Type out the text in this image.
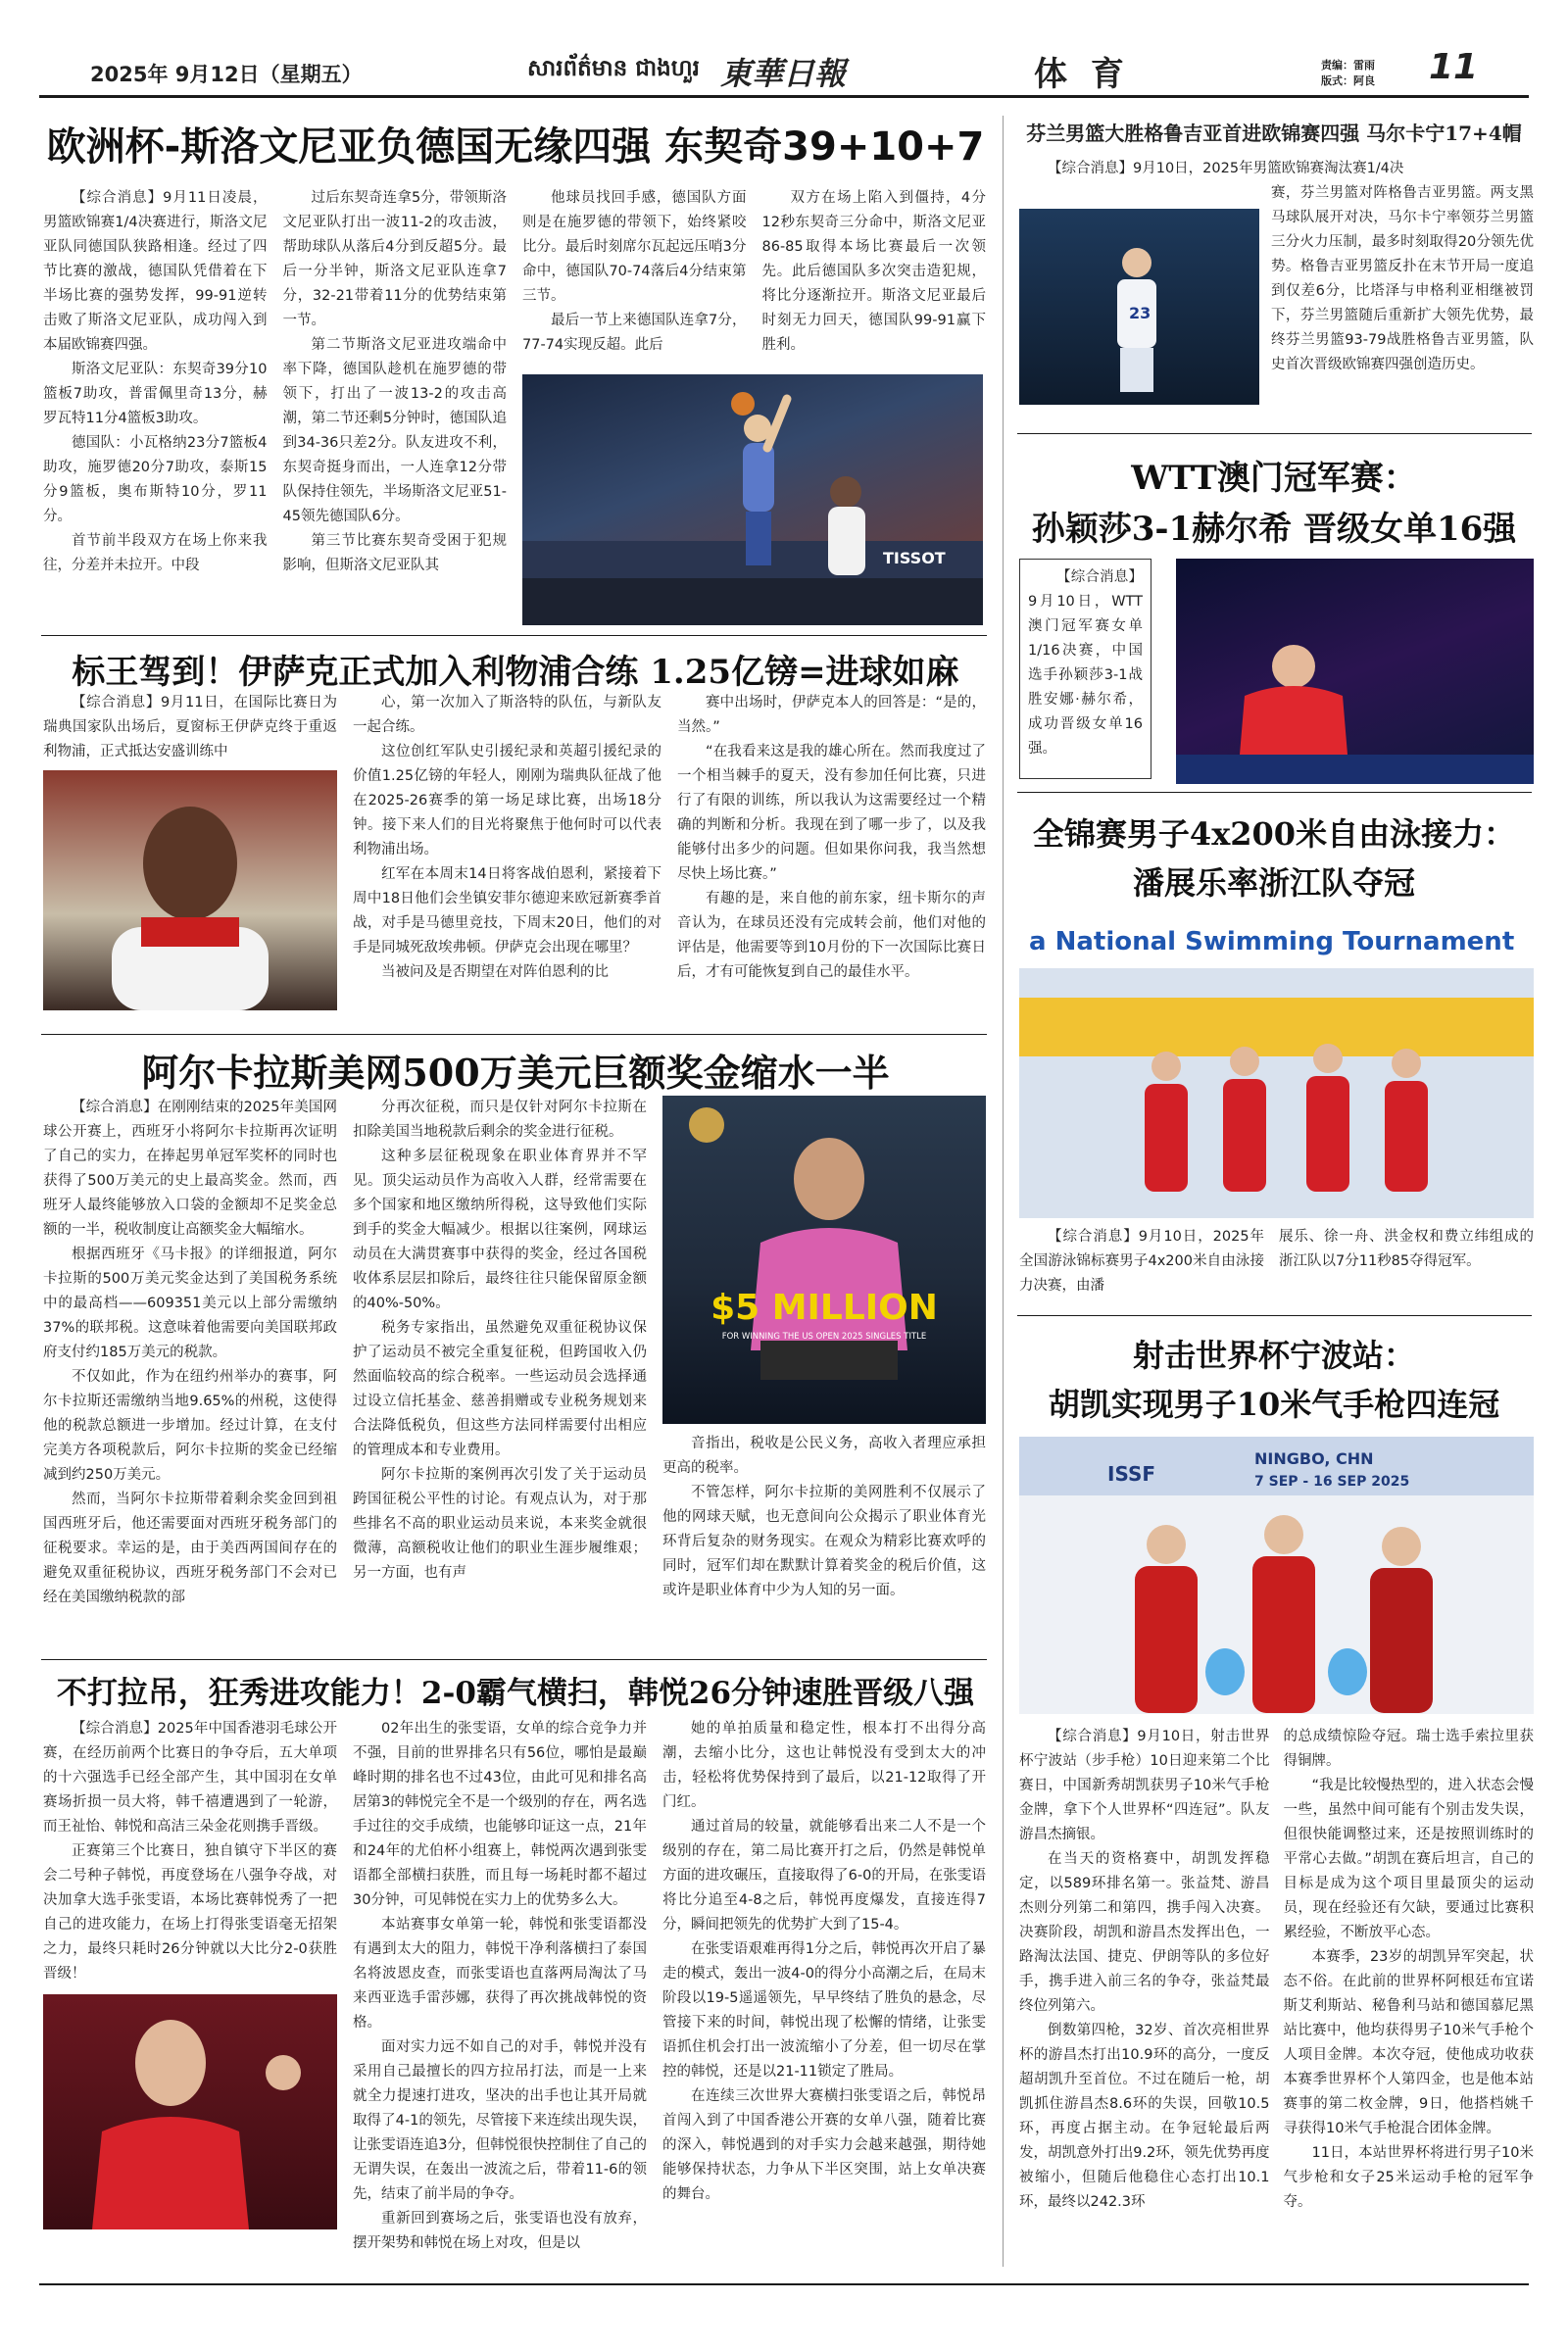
2025年 9月12日（星期五）	សារព័ត៌មាន ជាងហួរ 東華日報	体 育	责编：雷雨
版式：阿良 11
欧洲杯-斯洛文尼亚负德国无缘四强 东契奇39+10+7

【综合消息】9月11日凌晨，男篮欧锦赛1/4决赛进行，斯洛文尼亚队同德国队狭路相逢。经过了四节比赛的激战，德国队凭借着在下半场比赛的强势发挥，99-91逆转击败了斯洛文尼亚队，成功闯入到本届欧锦赛四强。

斯洛文尼亚队：东契奇39分10篮板7助攻，普雷佩里奇13分，赫罗瓦特11分4篮板3助攻。

德国队：小瓦格纳23分7篮板4助攻，施罗德20分7助攻，泰斯15分9篮板，奥布斯特10分，罗11分。

首节前半段双方在场上你来我往，分差并未拉开。中段

过后东契奇连拿5分，带领斯洛文尼亚队打出一波11-2的攻击波，帮助球队从落后4分到反超5分。最后一分半钟，斯洛文尼亚队连拿7分，32-21带着11分的优势结束第一节。

第二节斯洛文尼亚进攻端命中率下降，德国队趁机在施罗德的带领下，打出了一波13-2的攻击高潮，第二节还剩5分钟时，德国队追到34-36只差2分。队友进攻不利，东契奇挺身而出，一人连拿12分带队保持住领先，半场斯洛文尼亚51-45领先德国队6分。

第三节比赛东契奇受困于犯规影响，但斯洛文尼亚队其

他球员找回手感，德国队方面则是在施罗德的带领下，始终紧咬比分。最后时刻席尔瓦起远压哨3分命中，德国队70-74落后4分结束第三节。

最后一节上来德国队连拿7分，77-74实现反超。此后

双方在场上陷入到僵持，4分12秒东契奇三分命中，斯洛文尼亚86-85取得本场比赛最后一次领先。此后德国队多次突击造犯规，将比分逐渐拉开。斯洛文尼亚最后时刻无力回天，德国队99-91赢下胜利。

TISSOT
标王驾到！伊萨克正式加入利物浦合练 1.25亿镑=进球如麻

【综合消息】9月11日，在国际比赛日为瑞典国家队出场后，夏窗标王伊萨克终于重返利物浦，正式抵达安盛训练中

心，第一次加入了斯洛特的队伍，与新队友一起合练。

这位创红军队史引援纪录和英超引援纪录的价值1.25亿镑的年轻人，刚刚为瑞典队征战了他在2025-26赛季的第一场足球比赛，出场18分钟。接下来人们的目光将聚焦于他何时可以代表利物浦出场。

红军在本周末14日将客战伯恩利，紧接着下周中18日他们会坐镇安菲尔德迎来欧冠新赛季首战，对手是马德里竞技，下周末20日，他们的对手是同城死敌埃弗顿。伊萨克会出现在哪里？

当被问及是否期望在对阵伯恩利的比

赛中出场时，伊萨克本人的回答是：“是的，当然。”

“在我看来这是我的雄心所在。然而我度过了一个相当棘手的夏天，没有参加任何比赛，只进行了有限的训练，所以我认为这需要经过一个精确的判断和分析。我现在到了哪一步了，以及我能够付出多少的问题。但如果你问我，我当然想尽快上场比赛。”

有趣的是，来自他的前东家，纽卡斯尔的声音认为，在球员还没有完成转会前，他们对他的评估是，他需要等到10月份的下一次国际比赛日后，才有可能恢复到自己的最佳水平。

阿尔卡拉斯美网500万美元巨额奖金缩水一半

【综合消息】在刚刚结束的2025年美国网球公开赛上，西班牙小将阿尔卡拉斯再次证明了自己的实力，在捧起男单冠军奖杯的同时也获得了500万美元的史上最高奖金。然而，西班牙人最终能够放入口袋的金额却不足奖金总额的一半，税收制度让高额奖金大幅缩水。

根据西班牙《马卡报》的详细报道，阿尔卡拉斯的500万美元奖金达到了美国税务系统中的最高档——609351美元以上部分需缴纳37%的联邦税。这意味着他需要向美国联邦政府支付约185万美元的税款。

不仅如此，作为在纽约州举办的赛事，阿尔卡拉斯还需缴纳当地9.65%的州税，这使得他的税款总额进一步增加。经过计算，在支付完美方各项税款后，阿尔卡拉斯的奖金已经缩减到约250万美元。

然而，当阿尔卡拉斯带着剩余奖金回到祖国西班牙后，他还需要面对西班牙税务部门的征税要求。幸运的是，由于美西两国间存在的避免双重征税协议，西班牙税务部门不会对已经在美国缴纳税款的部

分再次征税，而只是仅针对阿尔卡拉斯在扣除美国当地税款后剩余的奖金进行征税。

这种多层征税现象在职业体育界并不罕见。顶尖运动员作为高收入人群，经常需要在多个国家和地区缴纳所得税，这导致他们实际到手的奖金大幅减少。根据以往案例，网球运动员在大满贯赛事中获得的奖金，经过各国税收体系层层扣除后，最终往往只能保留原金额的40%-50%。

税务专家指出，虽然避免双重征税协议保护了运动员不被完全重复征税，但跨国收入仍然面临较高的综合税率。一些运动员会选择通过设立信托基金、慈善捐赠或专业税务规划来合法降低税负，但这些方法同样需要付出相应的管理成本和专业费用。

阿尔卡拉斯的案例再次引发了关于运动员跨国征税公平性的讨论。有观点认为，对于那些排名不高的职业运动员来说，本来奖金就很微薄，高额税收让他们的职业生涯步履维艰；另一方面，也有声

$5 MILLION
FOR WINNING THE US OPEN 2025 SINGLES TITLE

音指出，税收是公民义务，高收入者理应承担更高的税率。

不管怎样，阿尔卡拉斯的美网胜利不仅展示了他的网球天赋，也无意间向公众揭示了职业体育光环背后复杂的财务现实。在观众为精彩比赛欢呼的同时，冠军们却在默默计算着奖金的税后价值，这或许是职业体育中少为人知的另一面。

不打拉吊，狂秀进攻能力！2-0霸气横扫，韩悦26分钟速胜晋级八强

【综合消息】2025年中国香港羽毛球公开赛，在经历前两个比赛日的争夺后，五大单项的十六强选手已经全部产生，其中国羽在女单赛场折损一员大将，韩千禧遭遇到了一轮游，而王祉怡、韩悦和高洁三朵金花则携手晋级。

正赛第三个比赛日，独自镇守下半区的赛会二号种子韩悦，再度登场在八强争夺战，对决加拿大选手张雯语，本场比赛韩悦秀了一把自己的进攻能力，在场上打得张雯语毫无招架之力，最终只耗时26分钟就以大比分2-0获胜晋级！

02年出生的张雯语，女单的综合竞争力并不强，目前的世界排名只有56位，哪怕是最巅峰时期的排名也不过43位，由此可见和排名高居第3的韩悦完全不是一个级别的存在，两名选手过往的交手成绩，也能够印证这一点，21年和24年的尤伯杯小组赛上，韩悦两次遇到张雯语都全部横扫获胜，而且每一场耗时都不超过30分钟，可见韩悦在实力上的优势多么大。

本站赛事女单第一轮，韩悦和张雯语都没有遇到太大的阻力，韩悦干净利落横扫了泰国名将波恩皮查，而张雯语也直落两局淘汰了马来西亚选手雷莎娜，获得了再次挑战韩悦的资格。

面对实力远不如自己的对手，韩悦并没有采用自己最擅长的四方拉吊打法，而是一上来就全力提速打进攻，坚决的出手也让其开局就取得了4-1的领先，尽管接下来连续出现失误，让张雯语连追3分，但韩悦很快控制住了自己的无谓失误，在轰出一波流之后，带着11-6的领先，结束了前半局的争夺。

重新回到赛场之后，张雯语也没有放弃，摆开架势和韩悦在场上对攻，但是以

她的单拍质量和稳定性，根本打不出得分高潮，去缩小比分，这也让韩悦没有受到太大的冲击，轻松将优势保持到了最后，以21-12取得了开门红。

通过首局的较量，就能够看出来二人不是一个级别的存在，第二局比赛开打之后，仍然是韩悦单方面的进攻碾压，直接取得了6-0的开局，在张雯语将比分追至4-8之后，韩悦再度爆发，直接连得7分，瞬间把领先的优势扩大到了15-4。

在张雯语艰难再得1分之后，韩悦再次开启了暴走的模式，轰出一波4-0的得分小高潮之后，在局末阶段以19-5遥遥领先，早早终结了胜负的悬念，尽管接下来的时间，韩悦出现了松懈的情绪，让张雯语抓住机会打出一波流缩小了分差，但一切尽在掌控的韩悦，还是以21-11锁定了胜局。

在连续三次世界大赛横扫张雯语之后，韩悦昂首闯入到了中国香港公开赛的女单八强，随着比赛的深入，韩悦遇到的对手实力会越来越强，期待她能够保持状态，力争从下半区突围，站上女单决赛的舞台。

芬兰男篮大胜格鲁吉亚首进欧锦赛四强 马尔卡宁17+4帽

【综合消息】9月10日，2025年男篮欧锦赛淘汰赛1/4决

23

赛，芬兰男篮对阵格鲁吉亚男篮。两支黑马球队展开对决，马尔卡宁率领芬兰男篮三分火力压制，最多时刻取得20分领先优势。格鲁吉亚男篮反扑在末节开局一度追到仅差6分，比塔泽与申格利亚相继被罚下，芬兰男篮随后重新扩大领先优势，最终芬兰男篮93-79战胜格鲁吉亚男篮，队史首次晋级欧锦赛四强创造历史。

WTT澳门冠军赛：
孙颖莎3-1赫尔希 晋级女单16强

【综合消息】9月10日，WTT澳门冠军赛女单1/16决赛，中国选手孙颖莎3-1战胜安娜·赫尔希，成功晋级女单16强。

全锦赛男子4x200米自由泳接力：
潘展乐率浙江队夺冠
a National Swimming Tournament

【综合消息】9月10日，2025年全国游泳锦标赛男子4x200米自由泳接力决赛，由潘

展乐、徐一舟、洪金权和费立纬组成的浙江队以7分11秒85夺得冠军。

射击世界杯宁波站：
胡凯实现男子10米气手枪四连冠
ISSF
NINGBO, CHN
7 SEP - 16 SEP 2025

【综合消息】9月10日，射击世界杯宁波站（步手枪）10日迎来第二个比赛日，中国新秀胡凯获男子10米气手枪金牌，拿下个人世界杯“四连冠”。队友游昌杰摘银。

在当天的资格赛中，胡凯发挥稳定，以589环排名第一。张益梵、游昌杰则分列第二和第四，携手闯入决赛。决赛阶段，胡凯和游昌杰发挥出色，一路淘汰法国、捷克、伊朗等队的多位好手，携手进入前三名的争夺，张益梵最终位列第六。

倒数第四枪，32岁、首次亮相世界杯的游昌杰打出10.9环的高分，一度反超胡凯升至首位。不过在随后一枪，胡凯抓住游昌杰8.6环的失误，回敬10.5环，再度占据主动。在争冠轮最后两发，胡凯意外打出9.2环，领先优势再度被缩小，但随后他稳住心态打出10.1环，最终以242.3环

的总成绩惊险夺冠。瑞士选手索拉里获得铜牌。

“我是比较慢热型的，进入状态会慢一些，虽然中间可能有个别击发失误，但很快能调整过来，还是按照训练时的平常心去做。”胡凯在赛后坦言，自己的目标是成为这个项目里最顶尖的运动员，现在经验还有欠缺，要通过比赛积累经验，不断放平心态。

本赛季，23岁的胡凯异军突起，状态不俗。在此前的世界杯阿根廷布宜诺斯艾利斯站、秘鲁利马站和德国慕尼黑站比赛中，他均获得男子10米气手枪个人项目金牌。本次夺冠，使他成功收获本赛季世界杯个人第四金，也是他本站赛事的第二枚金牌，9日，他搭档姚千寻获得10米气手枪混合团体金牌。

11日，本站世界杯将进行男子10米气步枪和女子25米运动手枪的冠军争夺。
